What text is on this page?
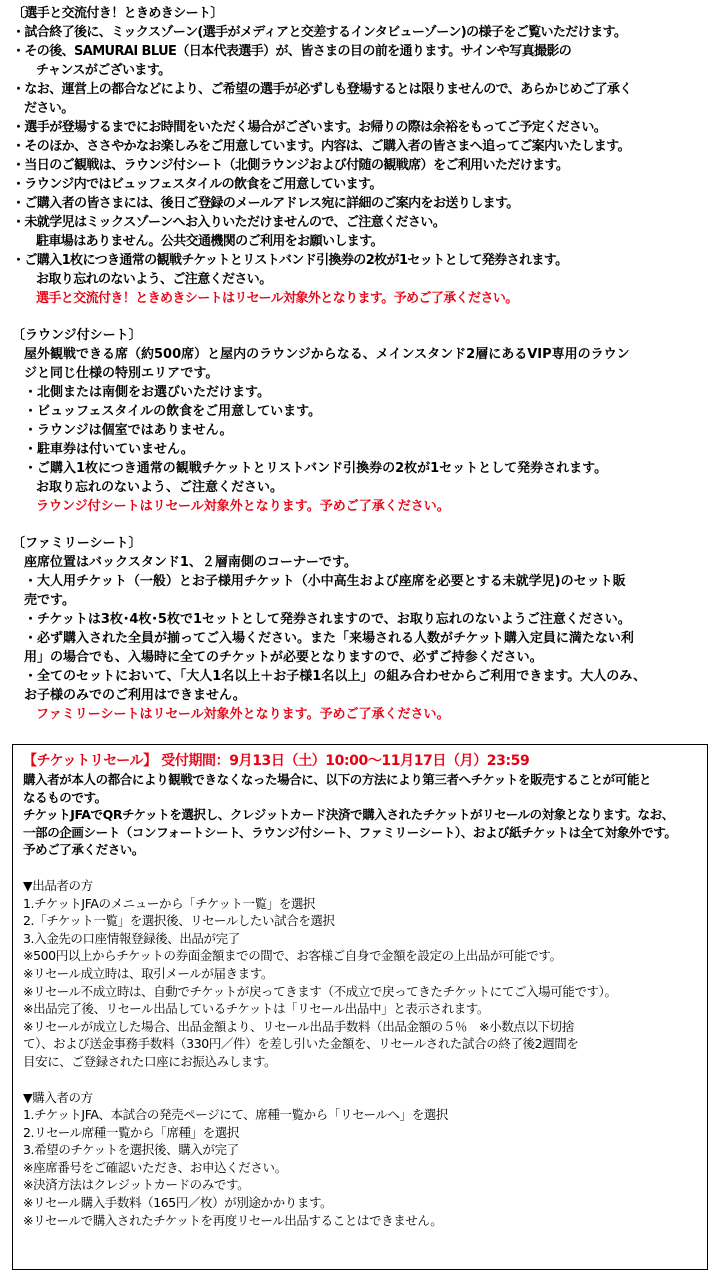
〔選手と交流付き！ときめきシート〕
・試合終了後に、ミックスゾーン(選手がメディアと交差するインタビューゾーン)の様子をご覧いただけます。
・その後、SAMURAI BLUE（日本代表選手）が、皆さまの目の前を通ります。サインや写真撮影の
チャンスがございます。
・なお、運営上の都合などにより、ご希望の選手が必ずしも登場するとは限りませんので、あらかじめご了承く
ださい。
・選手が登場するまでにお時間をいただく場合がございます。お帰りの際は余裕をもってご予定ください。
・そのほか、ささやかなお楽しみをご用意しています。内容は、ご購入者の皆さまへ追ってご案内いたします。
・当日のご観戦は、ラウンジ付シート（北側ラウンジおよび付随の観戦席）をご利用いただけます。
・ラウンジ内ではビュッフェスタイルの飲食をご用意しています。
・ご購入者の皆さまには、後日ご登録のメールアドレス宛に詳細のご案内をお送りします。
・未就学児はミックスゾーンへお入りいただけませんので、ご注意ください。
駐車場はありません。公共交通機関のご利用をお願いします。
・ご購入1枚につき通常の観戦チケットとリストバンド引換券の2枚が1セットとして発券されます。
お取り忘れのないよう、ご注意ください。
選手と交流付き！ときめきシートはリセール対象外となります。予めご了承ください。
〔ラウンジ付シート〕
屋外観戦できる席（約500席）と屋内のラウンジからなる、メインスタンド2層にあるVIP専用のラウン
ジと同じ仕様の特別エリアです。
・北側または南側をお選びいただけます。
・ビュッフェスタイルの飲食をご用意しています。
・ラウンジは個室ではありません。
・駐車券は付いていません。
・ご購入1枚につき通常の観戦チケットとリストバンド引換券の2枚が1セットとして発券されます。
お取り忘れのないよう、ご注意ください。
ラウンジ付シートはリセール対象外となります。予めご了承ください。
〔ファミリーシート〕
座席位置はバックスタンド1、２層南側のコーナーです。
・大人用チケット（一般）とお子様用チケット（小中高生および座席を必要とする未就学児)のセット販
売です。
・チケットは3枚･4枚･5枚で1セットとして発券されますので、お取り忘れのないようご注意ください。
・必ず購入された全員が揃ってご入場ください。また「来場される人数がチケット購入定員に満たない利
用」の場合でも、入場時に全てのチケットが必要となりますので、必ずご持参ください。
・全てのセットにおいて、「大人1名以上＋お子様1名以上」の組み合わせからご利用できます。大人のみ、
お子様のみでのご利用はできません。
ファミリーシートはリセール対象外となります。予めご了承ください。
【チケットリセール】 受付期間：9月13日（土）10:00～11月17日（月）23:59
購入者が本人の都合により観戦できなくなった場合に、以下の方法により第三者へチケットを販売することが可能と
なるものです。
チケットJFAでQRチケットを選択し、クレジットカード決済で購入されたチケットがリセールの対象となります。なお、
一部の企画シート（コンフォートシート、ラウンジ付シート、ファミリーシート）、および紙チケットは全て対象外です。
予めご了承ください。
▼出品者の方
1.チケットJFAのメニューから「チケット一覧」を選択
2.「チケット一覧」を選択後、リセールしたい試合を選択
3.入金先の口座情報登録後、出品が完了
※500円以上からチケットの券面金額までの間で、お客様ご自身で金額を設定の上出品が可能です。
※リセール成立時は、取引メールが届きます。
※リセール不成立時は、自動でチケットが戻ってきます（不成立で戻ってきたチケットにてご入場可能です）。
※出品完了後、リセール出品しているチケットは「リセール出品中」と表示されます。
※リセールが成立した場合、出品金額より、リセール出品手数料（出品金額の５％　※小数点以下切捨
て）、および送金事務手数料（330円／件）を差し引いた金額を、リセールされた試合の終了後2週間を
目安に、ご登録された口座にお振込みします。
▼購入者の方
1.チケットJFA、本試合の発売ページにて、席種一覧から「リセールへ」を選択
2.リセール席種一覧から「席種」を選択
3.希望のチケットを選択後、購入が完了
※座席番号をご確認いただき、お申込ください。
※決済方法はクレジットカードのみです。
※リセール購入手数料（165円／枚）が別途かかります。
※リセールで購入されたチケットを再度リセール出品することはできません。
